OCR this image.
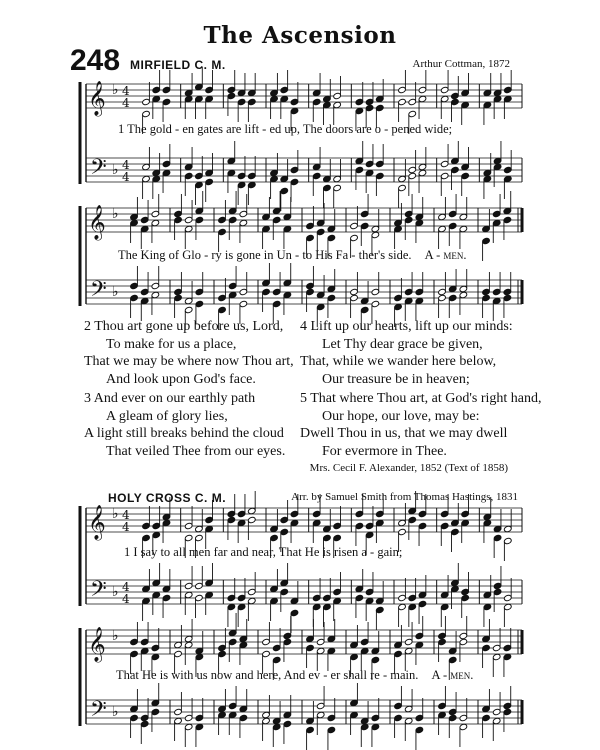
The Ascension
248 MIRFIELD C. M.	Arthur Cottman, 1872
𝄞
𝄢
♭
♭
4
4
4
4
𝄞
𝄢
♭
♭
𝄞
𝄢
♭
♭
4
4
4
4
𝄞
𝄢
♭
♭
1 The gold - en gates are lift - ed up, The doors are o - pened wide;
The King of Glo - ry is gone in Un - to His Fa - ther's side. A - men.
2 Thou art gone up before us, Lord,
To make for us a place,
That we may be where now Thou art,
And look upon God's face.
3 And ever on our earthly path
A gleam of glory lies,
A light still breaks behind the cloud
That veiled Thee from our eyes.
4 Lift up our hearts, lift up our minds:
Let Thy dear grace be given,
That, while we wander here below,
Our treasure be in heaven;
5 That where Thou art, at God's right hand,
Our hope, our love, may be:
Dwell Thou in us, that we may dwell
For evermore in Thee.
Mrs. Cecil F. Alexander, 1852 (Text of 1858)
HOLY CROSS C. M.	Arr. by Samuel Smith from Thomas Hastings, 1831
1 I say to all men far and near, That He is risen a - gain;
That He is with us now and here, And ev - er shall re - main. A - men.
